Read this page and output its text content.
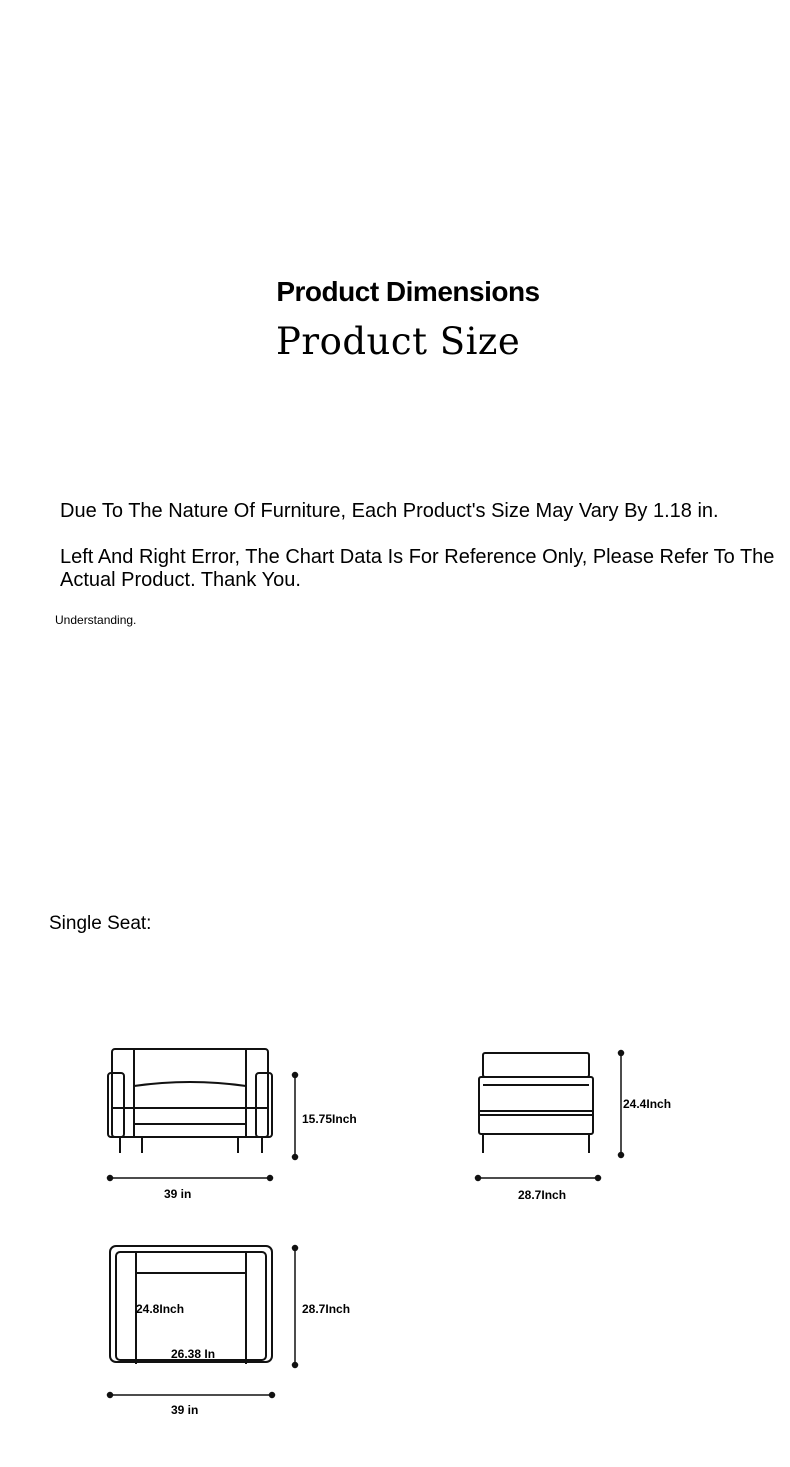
Product Dimensions
Product Size
Due To The Nature Of Furniture, Each Product's Size May Vary By 1.18 in.
Left And Right Error, The Chart Data Is For Reference Only, Please Refer To The Actual Product. Thank You.
Understanding.
Single Seat:
15.75Inch
39 in
24.4Inch
28.7Inch
24.8Inch	28.7Inch
26.38 In
39 in
